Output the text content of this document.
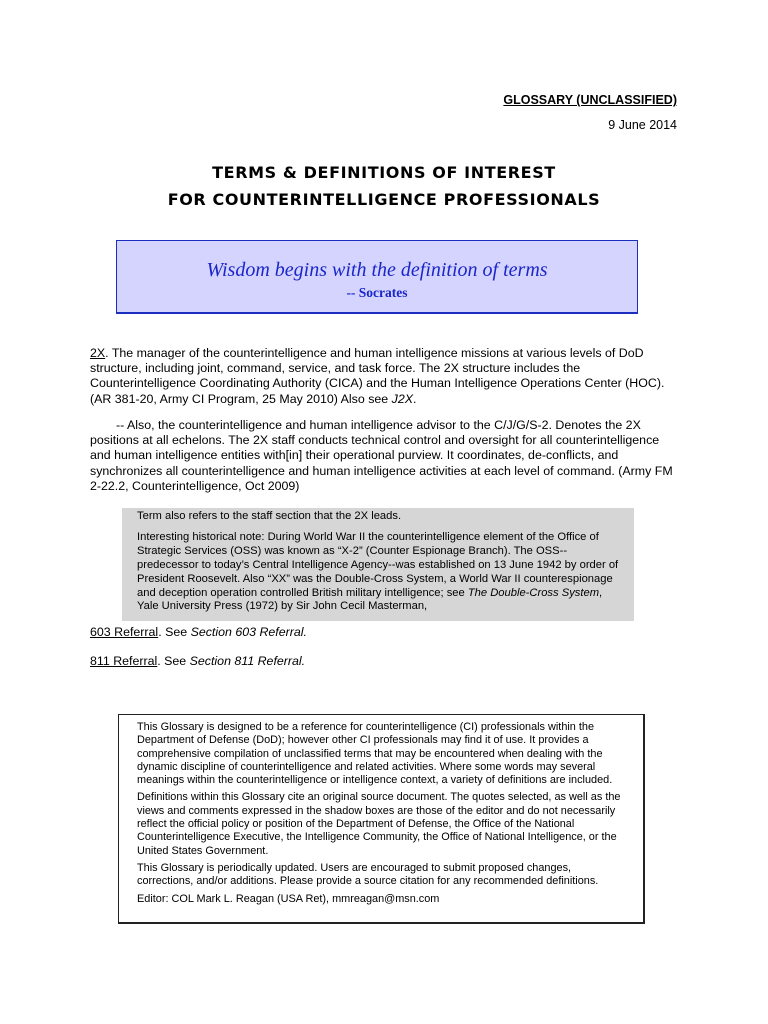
GLOSSARY (UNCLASSIFIED)
9 June 2014
TERMS & DEFINITIONS OF INTEREST
FOR COUNTERINTELLIGENCE PROFESSIONALS
Wisdom begins with the definition of terms
-- Socrates
2X. The manager of the counterintelligence and human intelligence missions at various levels of DoD structure, including joint, command, service, and task force. The 2X structure includes the Counterintelligence Coordinating Authority (CICA) and the Human Intelligence Operations Center (HOC). (AR 381-20, Army CI Program, 25 May 2010) Also see J2X.
-- Also, the counterintelligence and human intelligence advisor to the C/J/G/S-2. Denotes the 2X positions at all echelons. The 2X staff conducts technical control and oversight for all counterintelligence and human intelligence entities with[in] their operational purview. It coordinates, de-conflicts, and synchronizes all counterintelligence and human intelligence activities at each level of command. (Army FM 2-22.2, Counterintelligence, Oct 2009)

Term also refers to the staff section that the 2X leads.

Interesting historical note: During World War II the counterintelligence element of the Office of Strategic Services (OSS) was known as “X-2” (Counter Espionage Branch). The OSS--predecessor to today’s Central Intelligence Agency--was established on 13 June 1942 by order of President Roosevelt. Also “XX” was the Double-Cross System, a World War II counterespionage and deception operation controlled British military intelligence; see The Double-Cross System, Yale University Press (1972) by Sir John Cecil Masterman,

603 Referral. See Section 603 Referral.
811 Referral. See Section 811 Referral.

This Glossary is designed to be a reference for counterintelligence (CI) professionals within the Department of Defense (DoD); however other CI professionals may find it of use. It provides a comprehensive compilation of unclassified terms that may be encountered when dealing with the dynamic discipline of counterintelligence and related activities. Where some words may several meanings within the counterintelligence or intelligence context, a variety of definitions are included.

Definitions within this Glossary cite an original source document. The quotes selected, as well as the views and comments expressed in the shadow boxes are those of the editor and do not necessarily reflect the official policy or position of the Department of Defense, the Office of the National Counterintelligence Executive, the Intelligence Community, the Office of National Intelligence, or the United States Government.

This Glossary is periodically updated. Users are encouraged to submit proposed changes, corrections, and/or additions. Please provide a source citation for any recommended definitions.

Editor: COL Mark L. Reagan (USA Ret), mmreagan@msn.com
